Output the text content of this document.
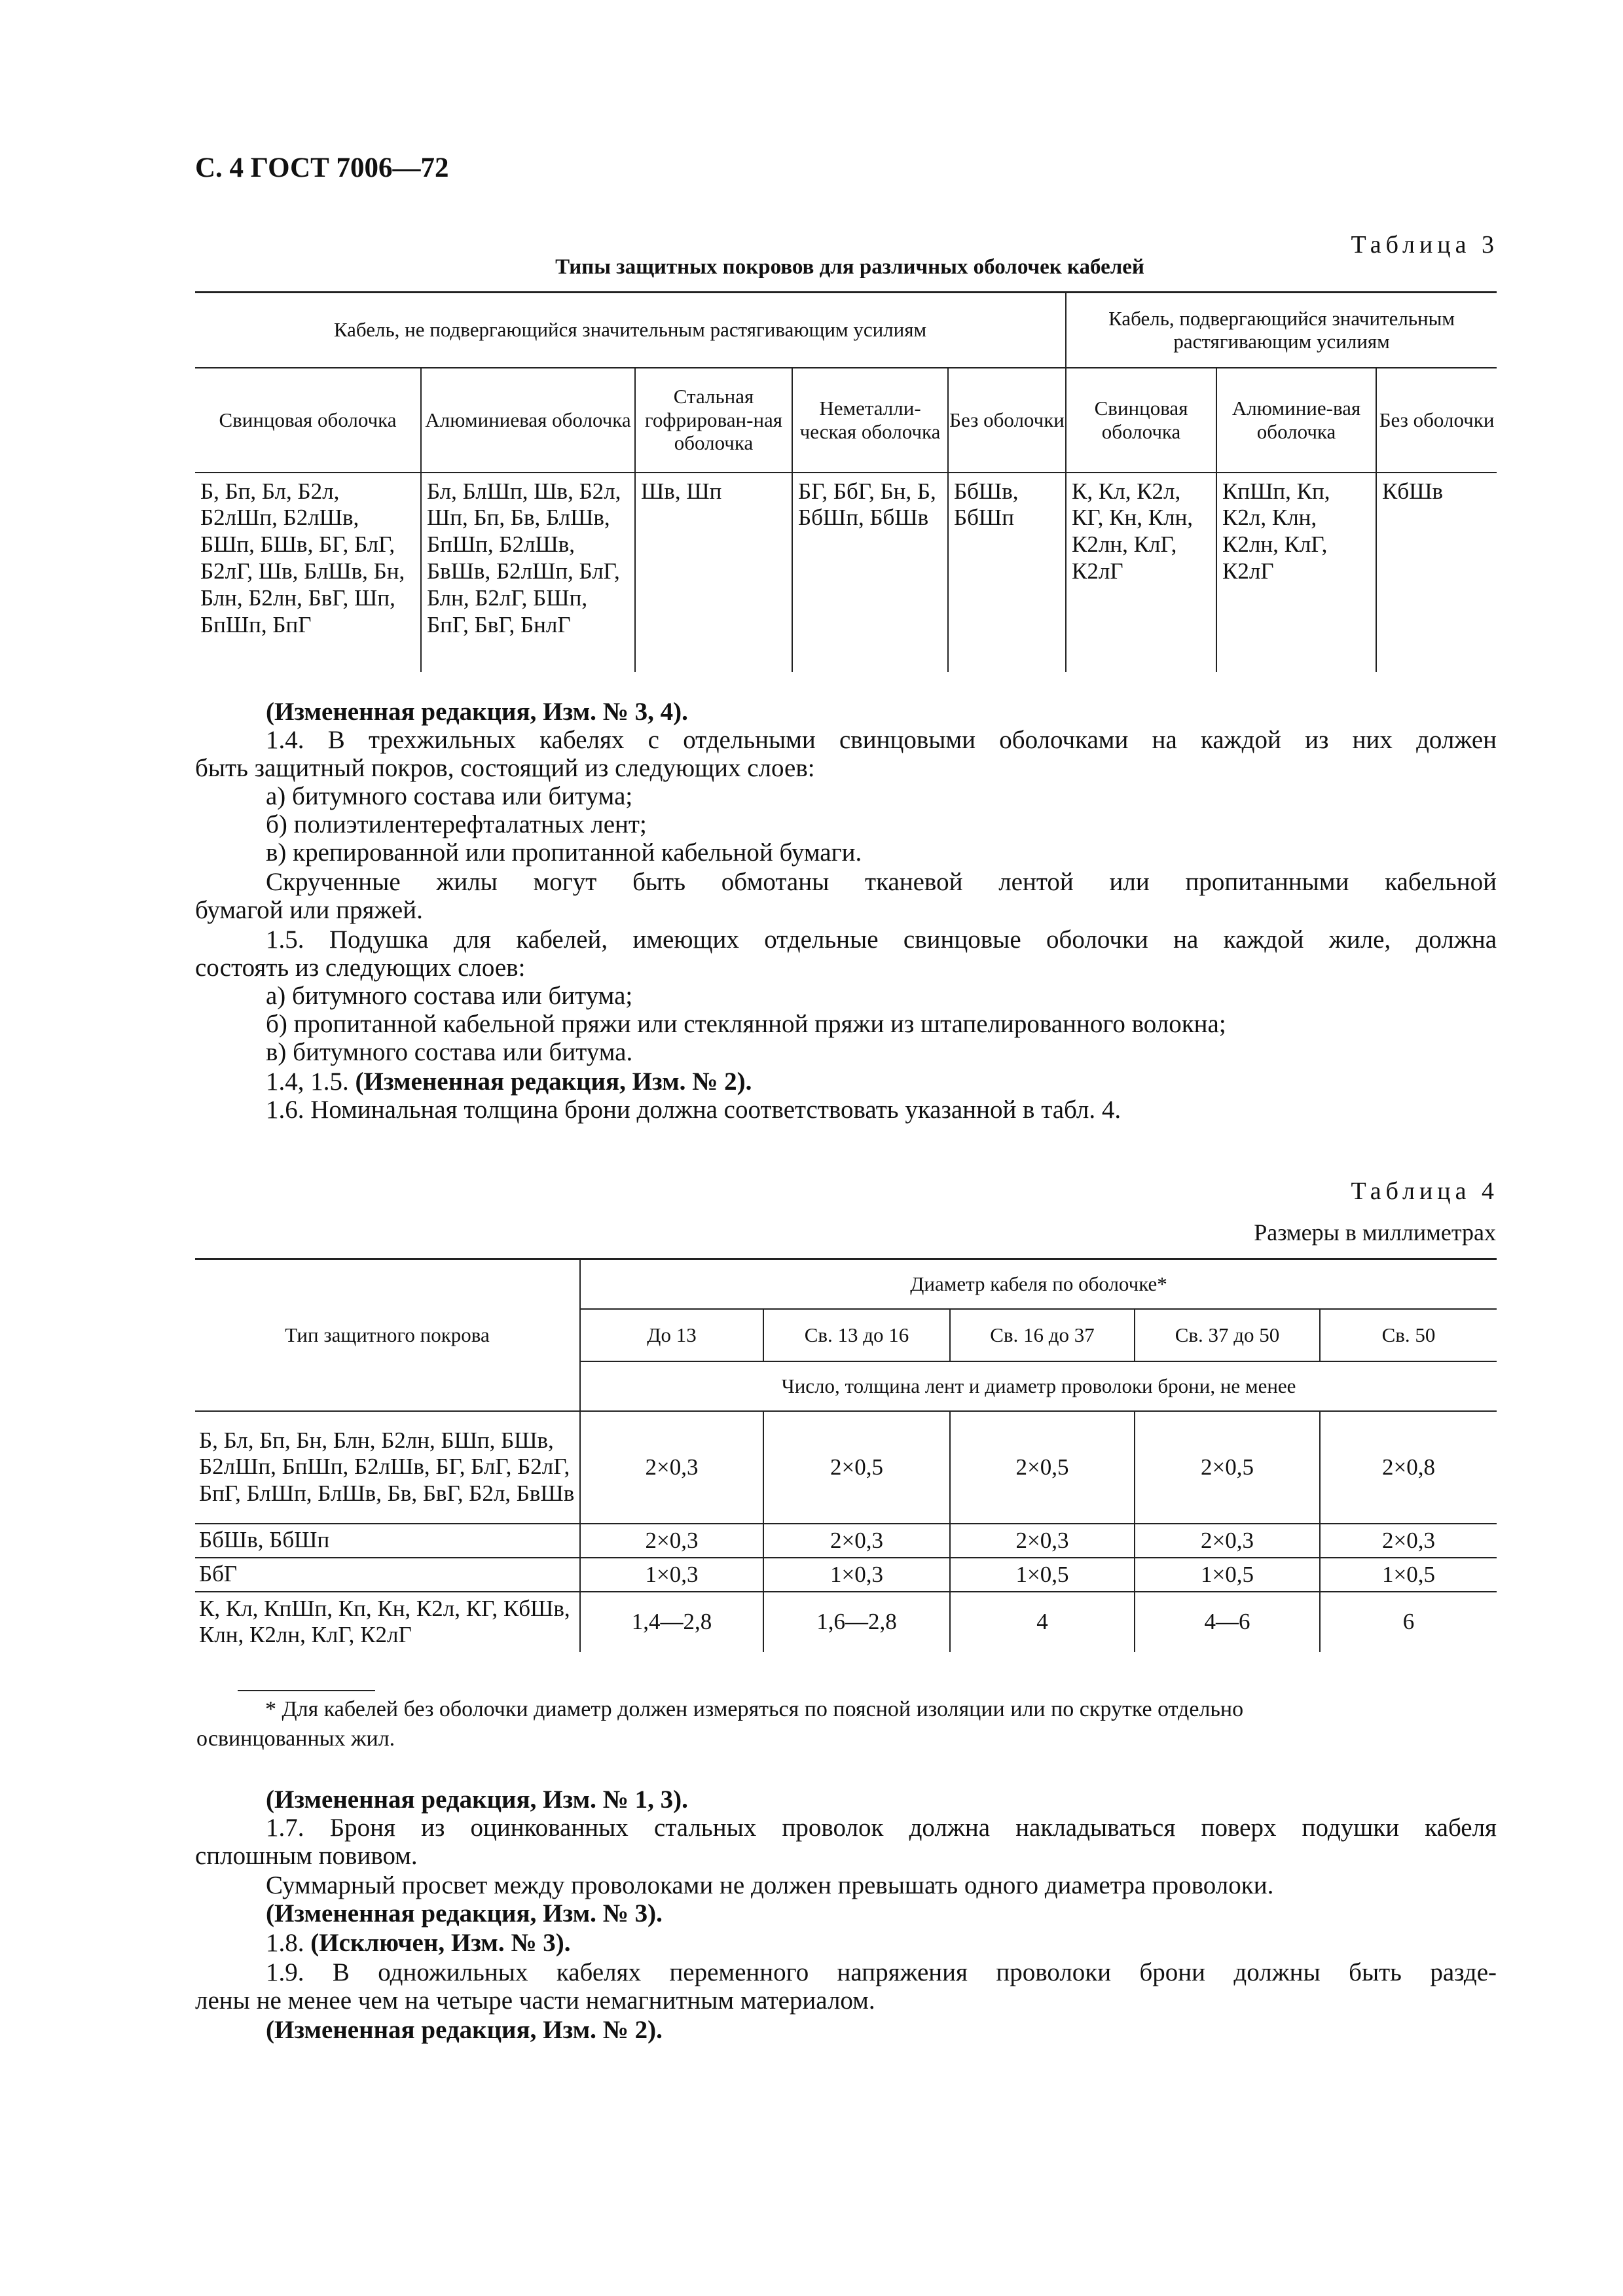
С. 4 ГОСТ 7006—72

Таблица 3

Типы защитных покровов для различных оболочек кабелей

Кабель, не подвергающийся значительным растягивающим усилиям					Кабель, подвергающийся значительным растягивающим усилиям		
Свинцовая оболочка	Алюминиевая оболочка	Стальная гофрирован-ная оболочка	Неметалли-ческая оболочка	Без оболочки	Свинцовая оболочка	Алюминие-вая оболочка	Без оболочки
Б, Бп, Бл, Б2л, Б2лШп, Б2лШв, БШп, БШв, БГ, БлГ, Б2лГ, Шв, БлШв, Бн, Блн, Б2лн, БвГ, Шп, БпШп, БпГ	Бл, БлШп, Шв, Б2л, Шп, Бп, Бв, БлШв, БпШп, Б2лШв, БвШв, Б2лШп, БлГ, Блн, Б2лГ, БШп, БпГ, БвГ, БнлГ	Шв, Шп	БГ, БбГ, Бн, Б, БбШп, БбШв	БбШв, БбШп	К, Кл, К2л, КГ, Кн, Клн, К2лн, КлГ, К2лГ	КпШп, Кп, К2л, Клн, К2лн, КлГ, К2лГ	КбШв

(Измененная редакция, Изм. № 3, 4).

1.4. В трехжильных кабелях с отдельными свинцовыми оболочками на каждой из них должен

быть защитный покров, состоящий из следующих слоев:

а) битумного состава или битума;

б) полиэтилентерефталатных лент;

в) крепированной или пропитанной кабельной бумаги.

Скрученные жилы могут быть обмотаны тканевой лентой или пропитанными кабельной

бумагой или пряжей.

1.5. Подушка для кабелей, имеющих отдельные свинцовые оболочки на каждой жиле, должна

состоять из следующих слоев:

а) битумного состава или битума;

б) пропитанной кабельной пряжи или стеклянной пряжи из штапелированного волокна;

в) битумного состава или битума.

1.4, 1.5. (Измененная редакция, Изм. № 2).

1.6. Номинальная толщина брони должна соответствовать указанной в табл. 4.

Таблица 4

Размеры в миллиметрах

Тип защитного покрова	Диаметр кабеля по оболочке*				
	До 13	Св. 13 до 16	Св. 16 до 37	Св. 37 до 50	Св. 50
	Число, толщина лент и диаметр проволоки брони, не менее				
Б, Бл, Бп, Бн, Блн, Б2лн, БШп, БШв, Б2лШп, БпШп, Б2лШв, БГ, БлГ, Б2лГ, БпГ, БлШп, БлШв, Бв, БвГ, Б2л, БвШв	2×0,3	2×0,5	2×0,5	2×0,5	2×0,8
БбШв, БбШп	2×0,3	2×0,3	2×0,3	2×0,3	2×0,3
БбГ	1×0,3	1×0,3	1×0,5	1×0,5	1×0,5
К, Кл, КпШп, Кп, Кн, К2л, КГ, КбШв, Клн, К2лн, КлГ, К2лГ	1,4—2,8	1,6—2,8	4	4—6	6

* Для кабелей без оболочки диаметр должен измеряться по поясной изоляции или по скрутке отдельно

освинцованных жил.

(Измененная редакция, Изм. № 1, 3).

1.7. Броня из оцинкованных стальных проволок должна накладываться поверх подушки кабеля

сплошным повивом.

Суммарный просвет между проволоками не должен превышать одного диаметра проволоки.

(Измененная редакция, Изм. № 3).

1.8. (Исключен, Изм. № 3).

1.9. В одножильных кабелях переменного напряжения проволоки брони должны быть разде-

лены не менее чем на четыре части немагнитным материалом.

(Измененная редакция, Изм. № 2).
